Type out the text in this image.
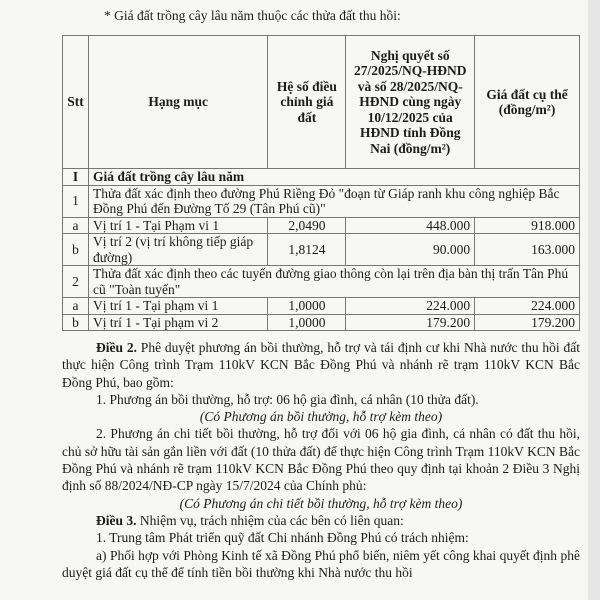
* Giá đất trồng cây lâu năm thuộc các thửa đất thu hồi:
Stt	Hạng mục	Hệ số điều chỉnh giá đất	Nghị quyết số 27/2025/NQ-HĐND và số 28/2025/NQ-HĐND cùng ngày 10/12/2025 của HĐND tỉnh Đồng Nai (đồng/m²)	Giá đất cụ thể (đồng/m²)
I	Giá đất trồng cây lâu năm			
1	Thửa đất xác định theo đường Phú Riềng Đỏ "đoạn từ Giáp ranh khu công nghiệp Bắc Đồng Phú đến Đường Tố 29 (Tân Phú cũ)"			
a	Vị trí 1 - Tại Phạm vi 1	2,0490	448.000	918.000
b	Vị trí 2 (vị trí không tiếp giáp đường)	1,8124	90.000	163.000
2	Thửa đất xác định theo các tuyến đường giao thông còn lại trên địa bàn thị trấn Tân Phú cũ "Toàn tuyến"			
a	Vị trí 1 - Tại phạm vi 1	1,0000	224.000	224.000
b	Vị trí 1 - Tại phạm vi 2	1,0000	179.200	179.200

Điều 2. Phê duyệt phương án bồi thường, hỗ trợ và tái định cư khi Nhà nước thu hồi đất thực hiện Công trình Trạm 110kV KCN Bắc Đồng Phú và nhánh rẽ trạm 110kV KCN Bắc Đồng Phú, bao gồm:

1. Phương án bồi thường, hỗ trợ: 06 hộ gia đình, cá nhân (10 thửa đất).

(Có Phương án bồi thường, hỗ trợ kèm theo)

2. Phương án chi tiết bồi thường, hỗ trợ đối với 06 hộ gia đình, cá nhân có đất thu hồi, chủ sở hữu tài sản gắn liền với đất (10 thửa đất) để thực hiện Công trình Trạm 110kV KCN Bắc Đồng Phú và nhánh rẽ trạm 110kV KCN Bắc Đồng Phú theo quy định tại khoản 2 Điều 3 Nghị định số 88/2024/NĐ-CP ngày 15/7/2024 của Chính phủ:

(Có Phương án chi tiết bồi thường, hỗ trợ kèm theo)

Điều 3. Nhiệm vụ, trách nhiệm của các bên có liên quan:

1. Trung tâm Phát triển quỹ đất Chi nhánh Đồng Phú có trách nhiệm:

a) Phối hợp với Phòng Kinh tế xã Đồng Phú phổ biến, niêm yết công khai quyết định phê duyệt giá đất cụ thể để tính tiền bồi thường khi Nhà nước thu hồi
